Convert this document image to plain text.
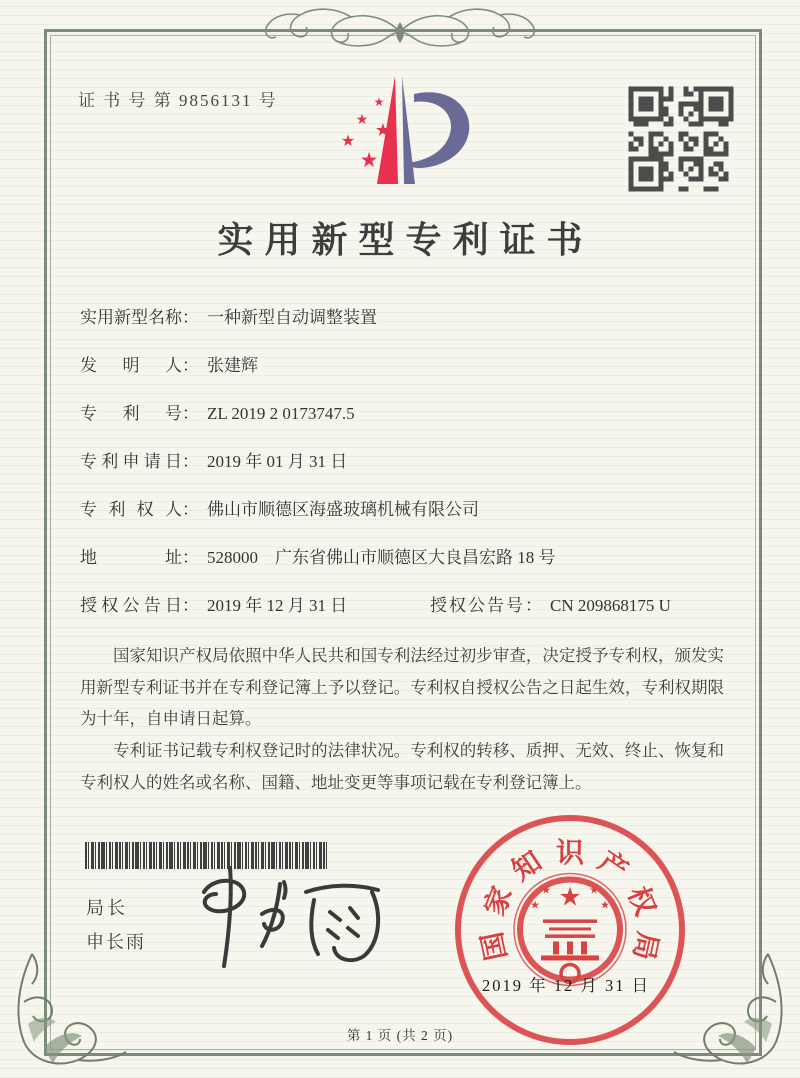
证 书 号 第 9856131 号	★
★ ★
★
★
实用新型专利证书
实用新型名称 ： 一种新型自动调整装置
发明人 ： 张建辉
专利号 ： ZL 2019 2 0173747.5
专利申请日 ： 2019 年 01 月 31 日
专利权人 ： 佛山市顺德区海盛玻璃机械有限公司
地址 ： 528000　广东省佛山市顺德区大良昌宏路 18 号
授权公告日 ： 2019 年 12 月 31 日	授权公告号 ： CN 209868175 U

国家知识产权局依照中华人民共和国专利法经过初步审查，决定授予专利权，颁发实用新型专利证书并在专利登记簿上予以登记。专利权自授权公告之日起生效，专利权期限为十年，自申请日起算。

专利证书记载专利权登记时的法律状况。专利权的转移、质押、无效、终止、恢复和专利权人的姓名或名称、国籍、地址变更等事项记载在专利登记簿上。

局长
申长雨
★
★
★
★
★
国
家
知 识 产
权
局
2019 年 12 月 31 日
第 1 页 (共 2 页)
